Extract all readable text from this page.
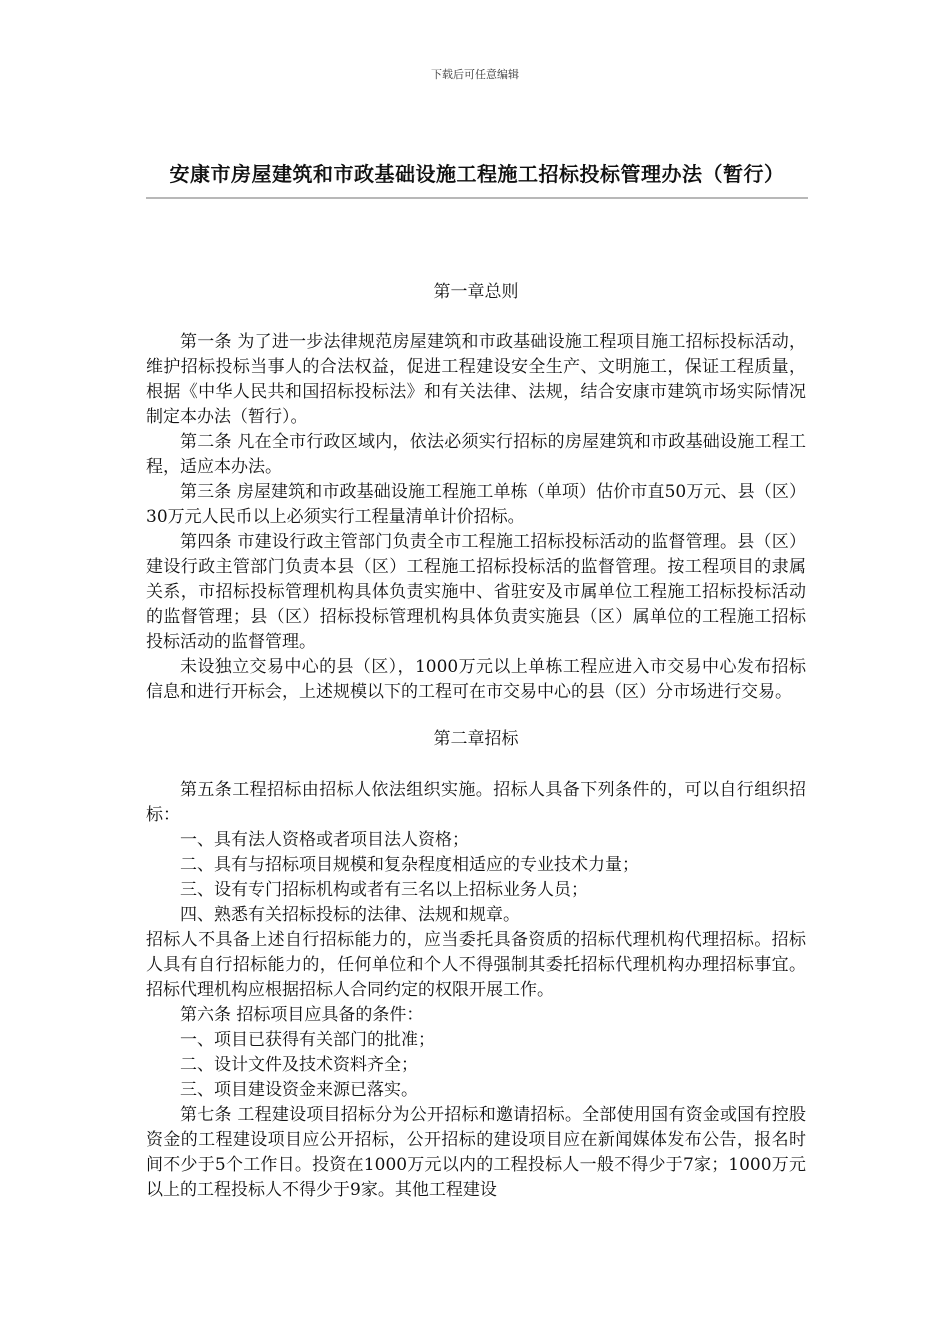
下载后可任意编辑
安康市房屋建筑和市政基础设施工程施工招标投标管理办法（暂行）

第一章总则

第一条 为了进一步法律规范房屋建筑和市政基础设施工程项目施工招标投标活动，维护招标投标当事人的合法权益，促进工程建设安全生产、文明施工，保证工程质量，根据《中华人民共和国招标投标法》和有关法律、法规，结合安康市建筑市场实际情况制定本办法（暂行）。

第二条 凡在全市行政区域内，依法必须实行招标的房屋建筑和市政基础设施工程工程，适应本办法。

第三条 房屋建筑和市政基础设施工程施工单栋（单项）估价市直50万元、县（区）30万元人民币以上必须实行工程量清单计价招标。

第四条 市建设行政主管部门负责全市工程施工招标投标活动的监督管理。县（区）建设行政主管部门负责本县（区）工程施工招标投标活的监督管理。按工程项目的隶属关系，市招标投标管理机构具体负责实施中、省驻安及市属单位工程施工招标投标活动的监督管理；县（区）招标投标管理机构具体负责实施县（区）属单位的工程施工招标投标活动的监督管理。

未设独立交易中心的县（区），1000万元以上单栋工程应进入市交易中心发布招标信息和进行开标会，上述规模以下的工程可在市交易中心的县（区）分市场进行交易。

第二章招标

第五条工程招标由招标人依法组织实施。招标人具备下列条件的，可以自行组织招标：

一、具有法人资格或者项目法人资格；

二、具有与招标项目规模和复杂程度相适应的专业技术力量；

三、设有专门招标机构或者有三名以上招标业务人员；

四、熟悉有关招标投标的法律、法规和规章。

招标人不具备上述自行招标能力的，应当委托具备资质的招标代理机构代理招标。招标人具有自行招标能力的，任何单位和个人不得强制其委托招标代理机构办理招标事宜。招标代理机构应根据招标人合同约定的权限开展工作。

第六条 招标项目应具备的条件：

一、项目已获得有关部门的批准；

二、设计文件及技术资料齐全；

三、项目建设资金来源已落实。

第七条 工程建设项目招标分为公开招标和邀请招标。全部使用国有资金或国有控股资金的工程建设项目应公开招标，公开招标的建设项目应在新闻媒体发布公告，报名时间不少于5个工作日。投资在1000万元以内的工程投标人一般不得少于7家；1000万元以上的工程投标人不得少于9家。其他工程建设
